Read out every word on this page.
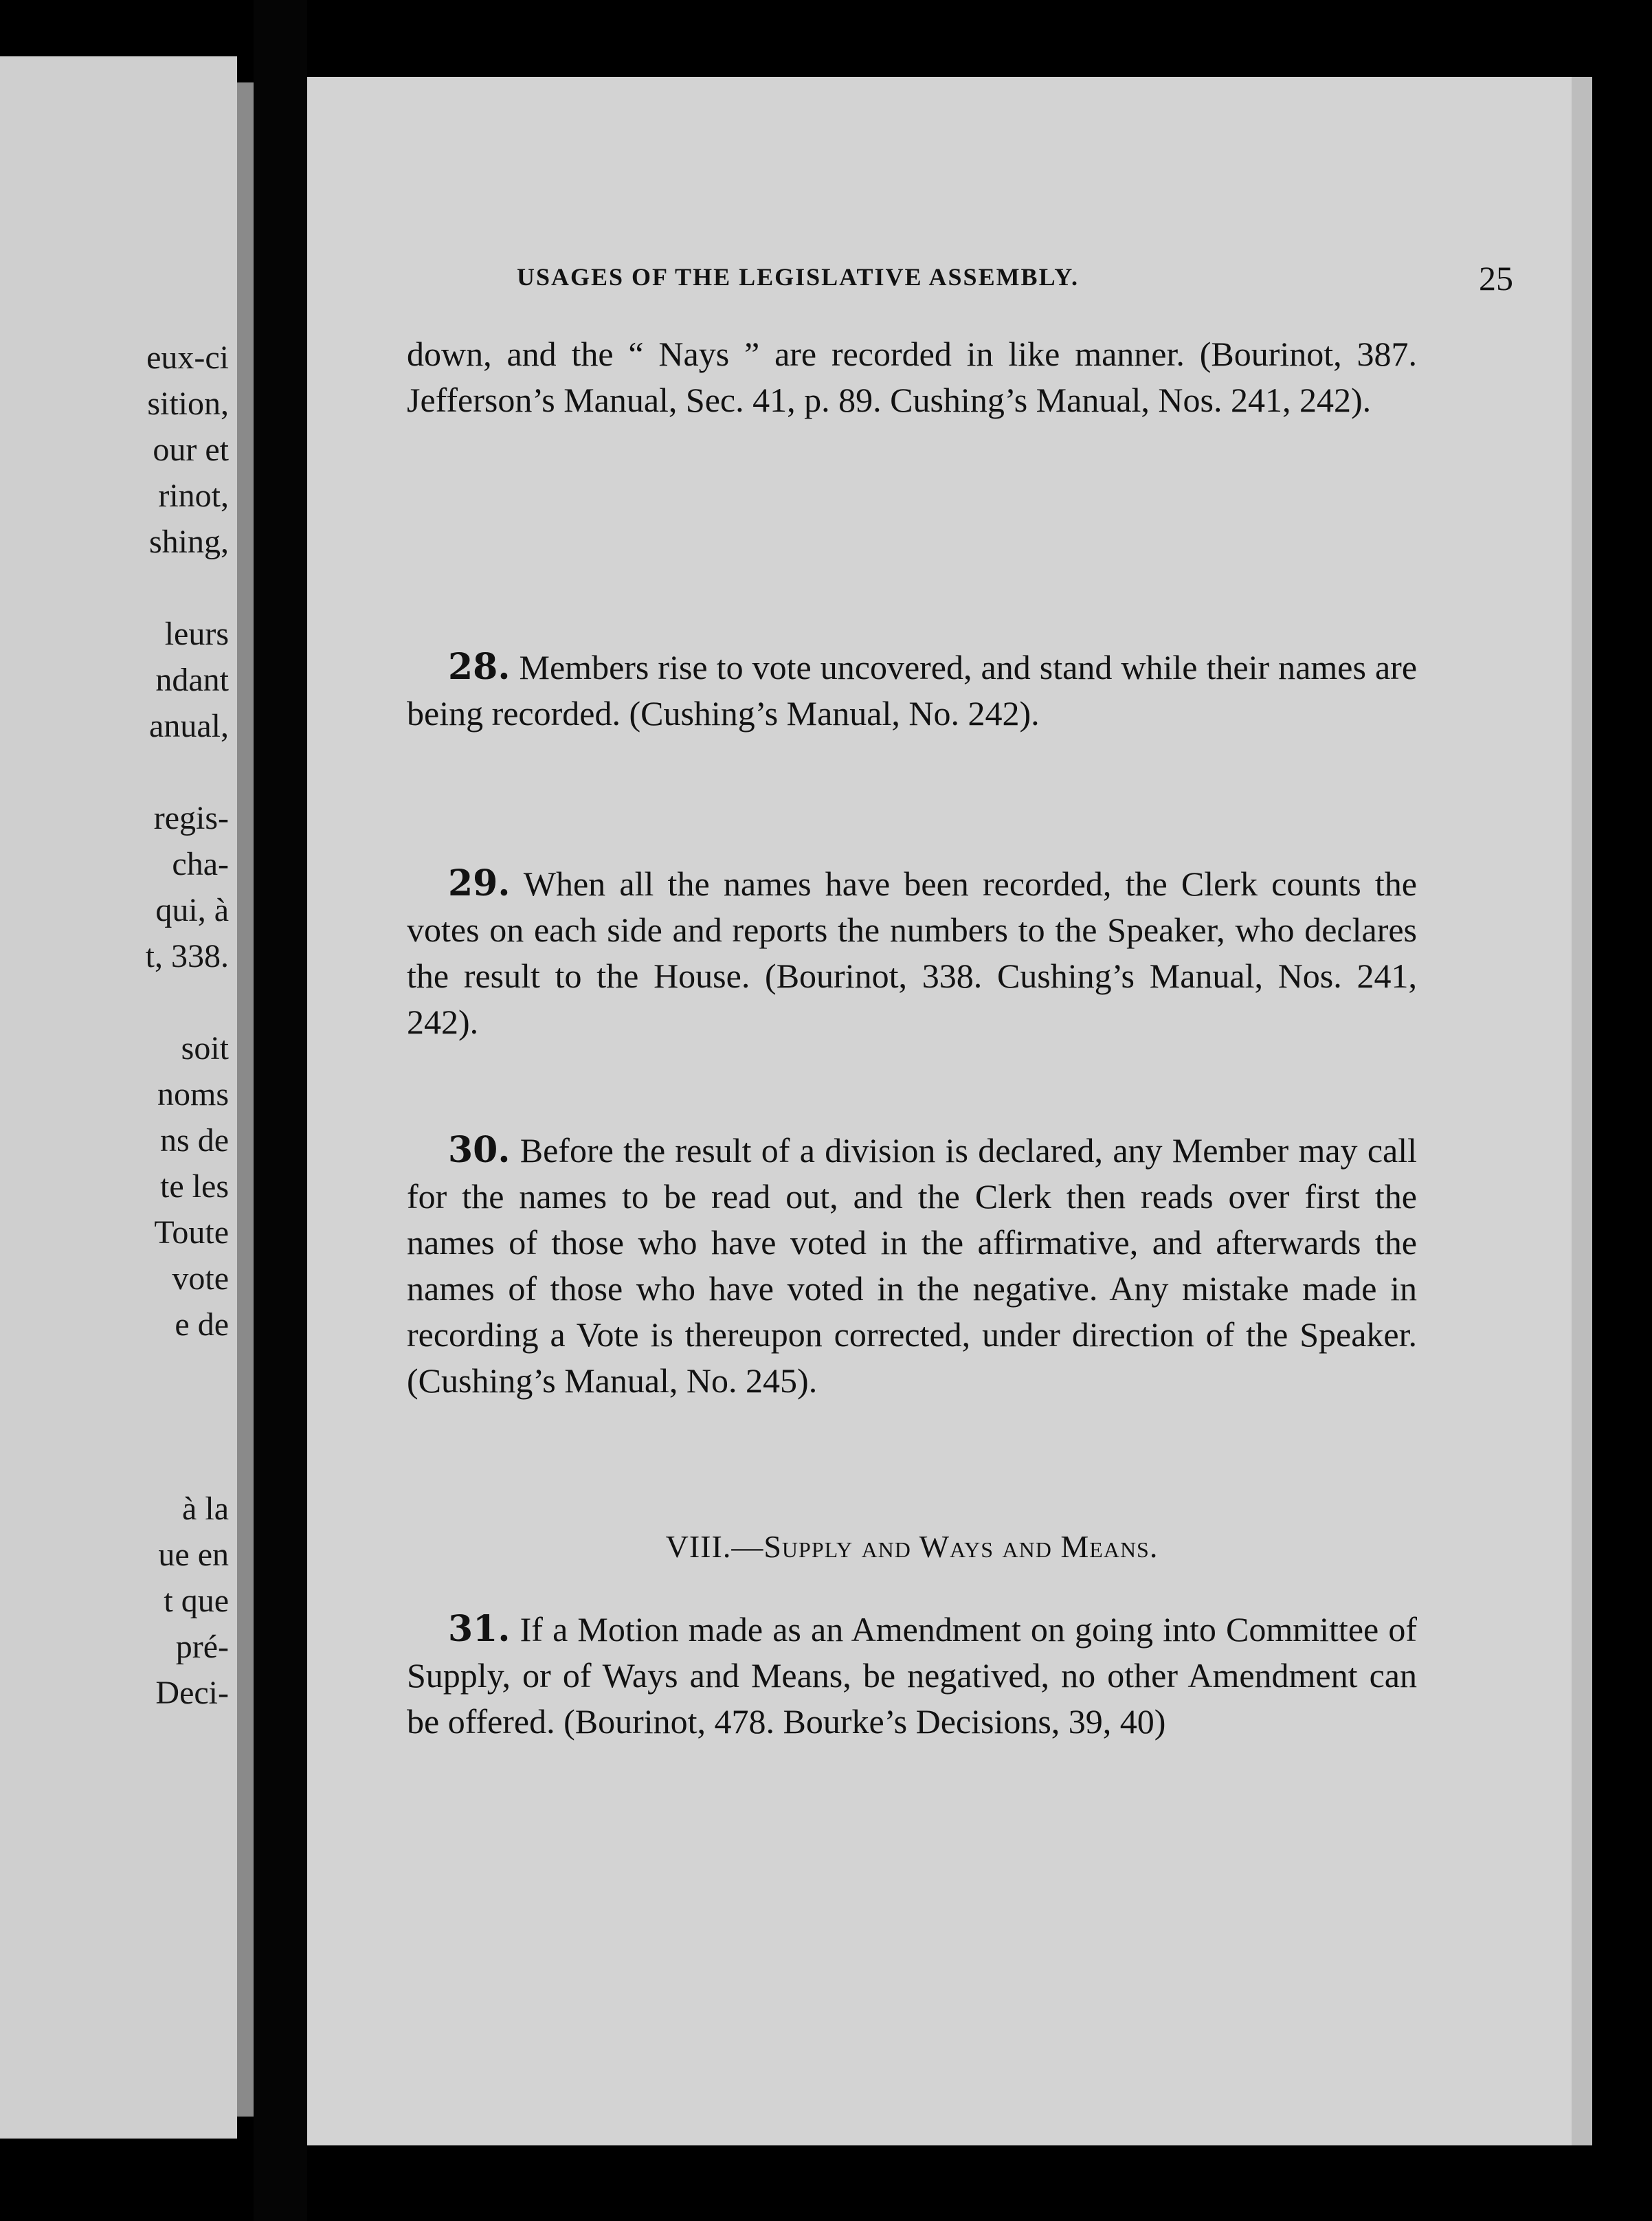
eux-ci
sition,
our et
rinot,
shing,
leurs
ndant
anual,
regis-
cha-
qui, à
t, 338.
soit
noms
ns de
te les
Toute
vote
e de
à la
ue en
t que
pré-
Deci-
USAGES OF THE LEGISLATIVE ASSEMBLY.	25

down, and the “ Nays ” are recorded in like manner. (Bourinot, 387. Jefferson’s Manual, Sec. 41, p. 89. Cushing’s Manual, Nos. 241, 242).

28. Members rise to vote uncovered, and stand while their names are being recorded. (Cushing’s Manual, No. 242).

29. When all the names have been recorded, the Clerk counts the votes on each side and reports the numbers to the Speaker, who declares the result to the House. (Bourinot, 338. Cushing’s Manual, Nos. 241, 242).

30. Before the result of a division is declared, any Member may call for the names to be read out, and the Clerk then reads over first the names of those who have voted in the affirmative, and afterwards the names of those who have voted in the negative. Any mistake made in recording a Vote is thereupon corrected, under direction of the Speaker. (Cushing’s Manual, No. 245).

VIII.—Supply and Ways and Means.

31. If a Motion made as an Amendment on going into Committee of Supply, or of Ways and Means, be negatived, no other Amendment can be offered. (Bourinot, 478. Bourke’s Decisions, 39, 40)
